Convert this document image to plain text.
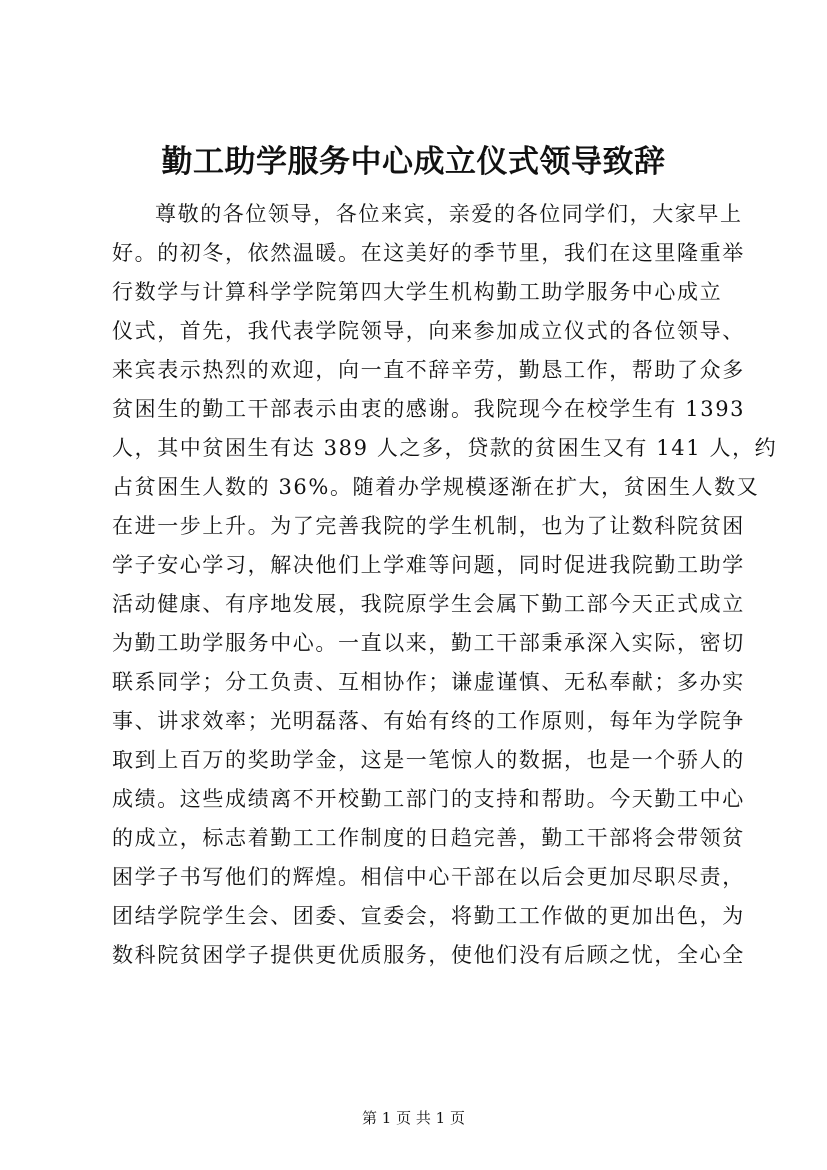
勤工助学服务中心成立仪式领导致辞

尊敬的各位领导，各位来宾，亲爱的各位同学们，大家早上

好。的初冬，依然温暖。在这美好的季节里，我们在这里隆重举

行数学与计算科学学院第四大学生机构勤工助学服务中心成立

仪式，首先，我代表学院领导，向来参加成立仪式的各位领导、

来宾表示热烈的欢迎，向一直不辞辛劳，勤恳工作，帮助了众多

贫困生的勤工干部表示由衷的感谢。我院现今在校学生有 1393

人，其中贫困生有达 389 人之多，贷款的贫困生又有 141 人，约

占贫困生人数的 36%。随着办学规模逐渐在扩大，贫困生人数又

在进一步上升。为了完善我院的学生机制，也为了让数科院贫困

学子安心学习，解决他们上学难等问题，同时促进我院勤工助学

活动健康、有序地发展，我院原学生会属下勤工部今天正式成立

为勤工助学服务中心。一直以来，勤工干部秉承深入实际，密切

联系同学；分工负责、互相协作；谦虚谨慎、无私奉献；多办实

事、讲求效率；光明磊落、有始有终的工作原则，每年为学院争

取到上百万的奖助学金，这是一笔惊人的数据，也是一个骄人的

成绩。这些成绩离不开校勤工部门的支持和帮助。今天勤工中心

的成立，标志着勤工工作制度的日趋完善，勤工干部将会带领贫

困学子书写他们的辉煌。相信中心干部在以后会更加尽职尽责，

团结学院学生会、团委、宣委会，将勤工工作做的更加出色，为

数科院贫困学子提供更优质服务，使他们没有后顾之忧，全心全

第 1 页 共 1 页
